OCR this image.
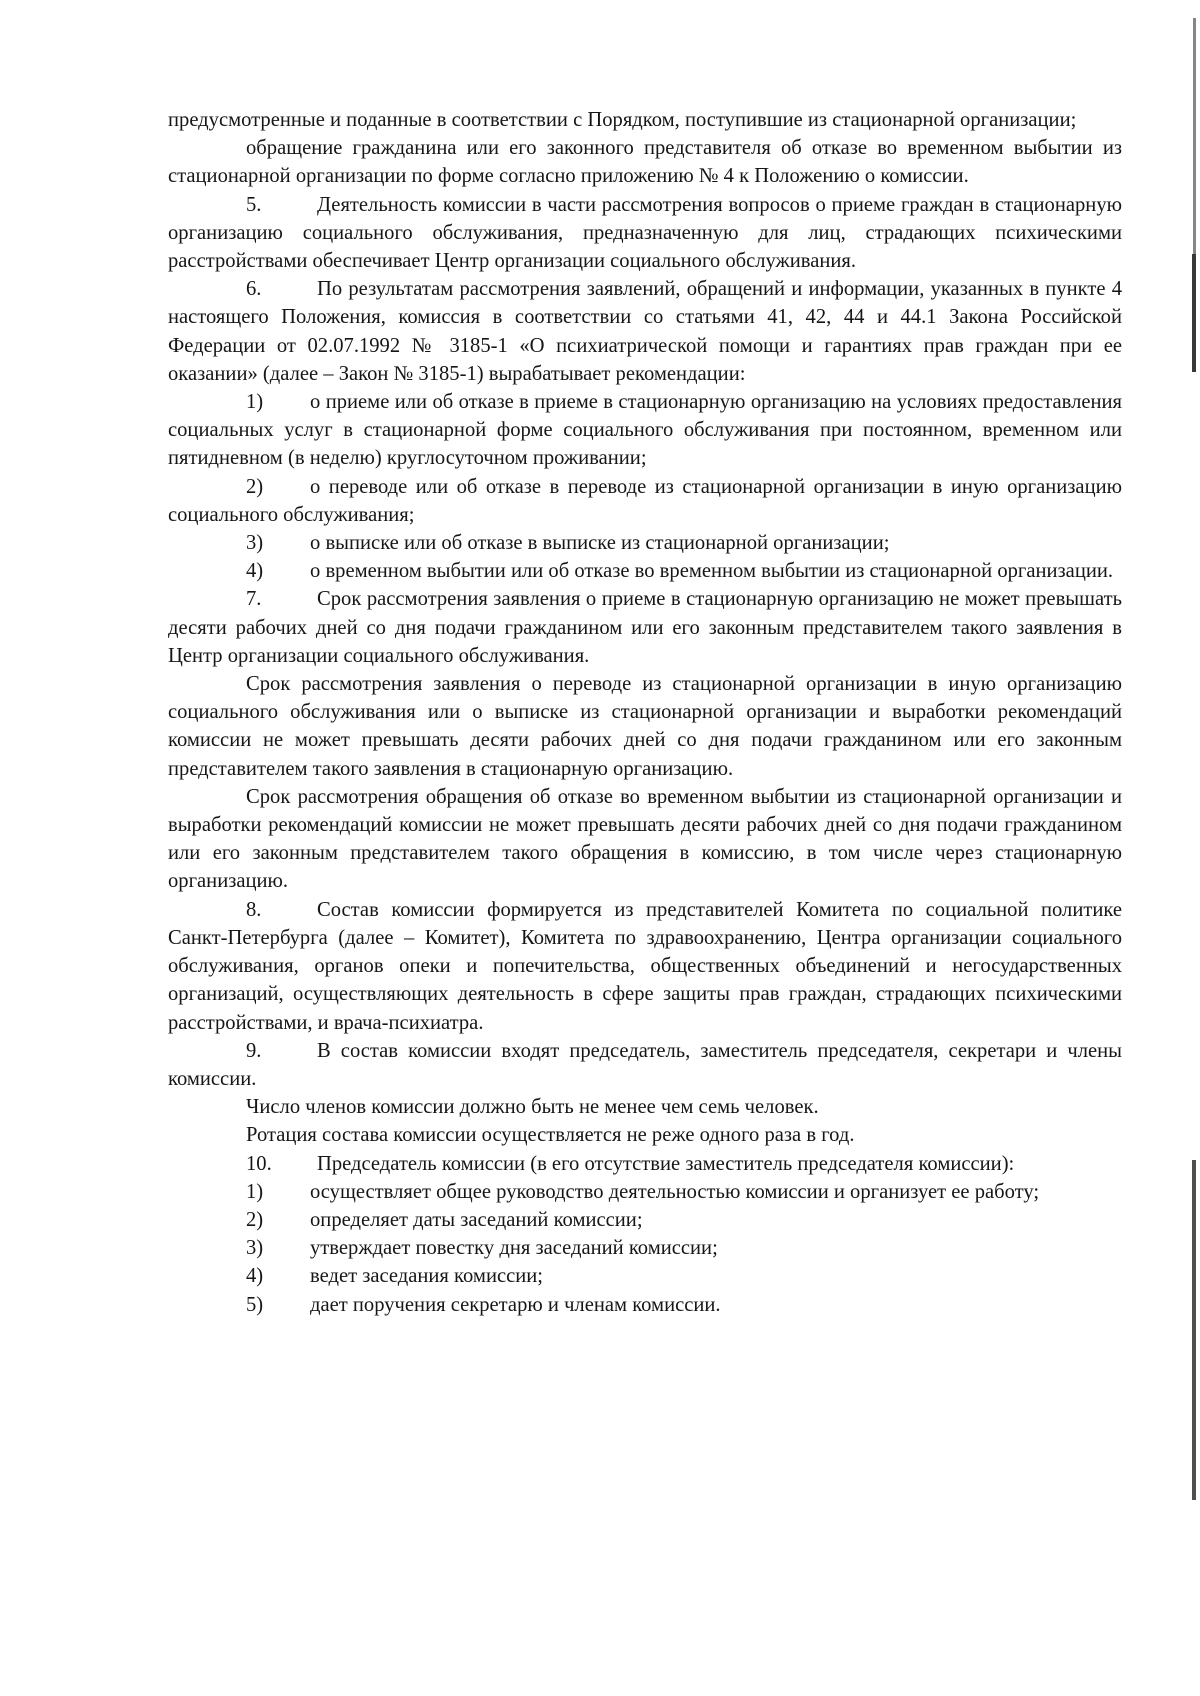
предусмотренные и поданные в соответствии с Порядком, поступившие из стационарной организации;

обращение гражданина или его законного представителя об отказе во временном выбытии из стационарной организации по форме согласно приложению № 4 к Положению о комиссии.

5.	Деятельность комиссии в части рассмотрения вопросов о приеме граждан в стационарную организацию социального обслуживания, предназначенную для лиц, страдающих психическими расстройствами обеспечивает Центр организации социального обслуживания.

6.	По результатам рассмотрения заявлений, обращений и информации, указанных в пункте 4 настоящего Положения, комиссия в соответствии со статьями 41, 42, 44 и 44.1 Закона Российской Федерации от 02.07.1992 № 3185-1 «О психиатрической помощи и гарантиях прав граждан при ее оказании» (далее – Закон № 3185-1) вырабатывает рекомендации:

1) о приеме или об отказе в приеме в стационарную организацию на условиях предоставления социальных услуг в стационарной форме социального обслуживания при постоянном, временном или пятидневном (в неделю) круглосуточном проживании;

2) о переводе или об отказе в переводе из стационарной организации в иную организацию социального обслуживания;

3) о выписке или об отказе в выписке из стационарной организации;

4) о временном выбытии или об отказе во временном выбытии из стационарной организации.

7.	Срок рассмотрения заявления о приеме в стационарную организацию не может превышать десяти рабочих дней со дня подачи гражданином или его законным представителем такого заявления в Центр организации социального обслуживания.

Срок рассмотрения заявления о переводе из стационарной организации в иную организацию социального обслуживания или о выписке из стационарной организации и выработки рекомендаций комиссии не может превышать десяти рабочих дней со дня подачи гражданином или его законным представителем такого заявления в стационарную организацию.

Срок рассмотрения обращения об отказе во временном выбытии из стационарной организации и выработки рекомендаций комиссии не может превышать десяти рабочих дней со дня подачи гражданином или его законным представителем такого обращения в комиссию, в том числе через стационарную организацию.

8.	Состав комиссии формируется из представителей Комитета по социальной политике Санкт-Петербурга (далее – Комитет), Комитета по здравоохранению, Центра организации социального обслуживания, органов опеки и попечительства, общественных объединений и негосударственных организаций, осуществляющих деятельность в сфере защиты прав граждан, страдающих психическими расстройствами, и врача-психиатра.

9.	В состав комиссии входят председатель, заместитель председателя, секретари и члены комиссии.

Число членов комиссии должно быть не менее чем семь человек.

Ротация состава комиссии осуществляется не реже одного раза в год.

10. Председатель комиссии (в его отсутствие заместитель председателя комиссии):

1) осуществляет общее руководство деятельностью комиссии и организует ее работу;

2) определяет даты заседаний комиссии;

3) утверждает повестку дня заседаний комиссии;

4) ведет заседания комиссии;

5) дает поручения секретарю и членам комиссии.
